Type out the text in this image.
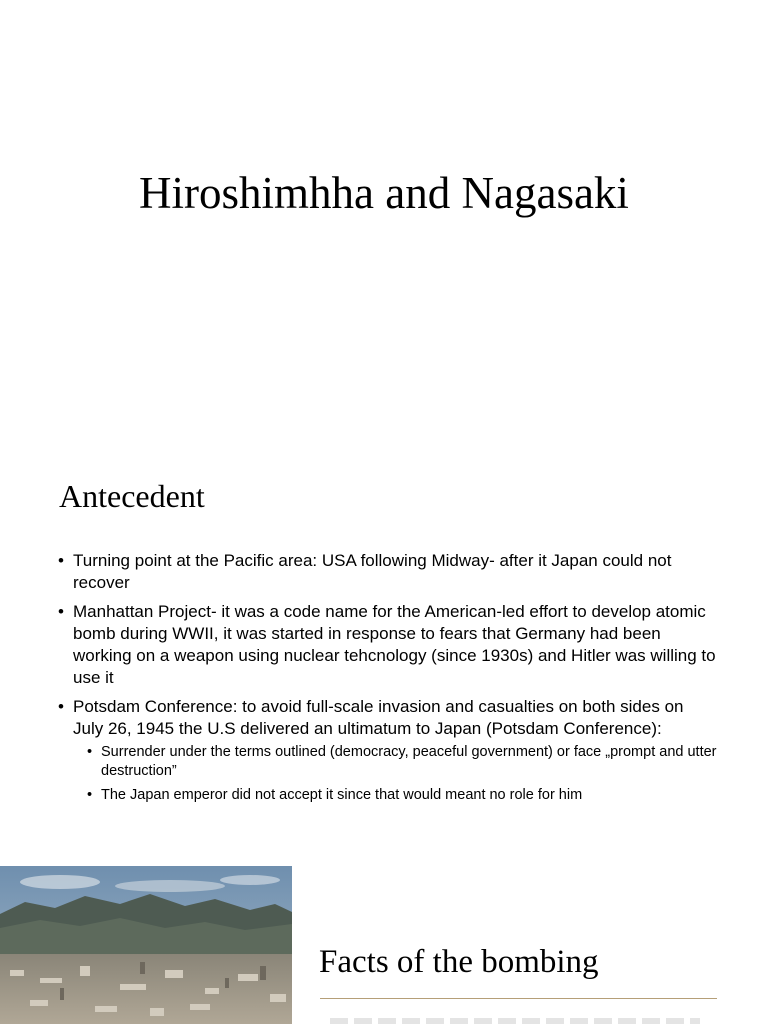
Hiroshimhha and Nagasaki
Antecedent
• Turning point at the Pacific area: USA following Midway- after it Japan could not recover
• Manhattan Project- it was a code name for the American-led effort to develop atomic bomb during WWII, it was started in response to fears that Germany had been working on a weapon using nuclear tehcnology (since 1930s) and Hitler was willing to use it
• Potsdam Conference: to avoid full-scale invasion and casualties on both sides on July 26, 1945 the U.S delivered an ultimatum to Japan (Potsdam Conference):
• Surrender under the terms outlined (democracy, peaceful government) or face „prompt and utter destruction”
• The Japan emperor did not accept it since that would meant no role for him
Facts of the bombing
